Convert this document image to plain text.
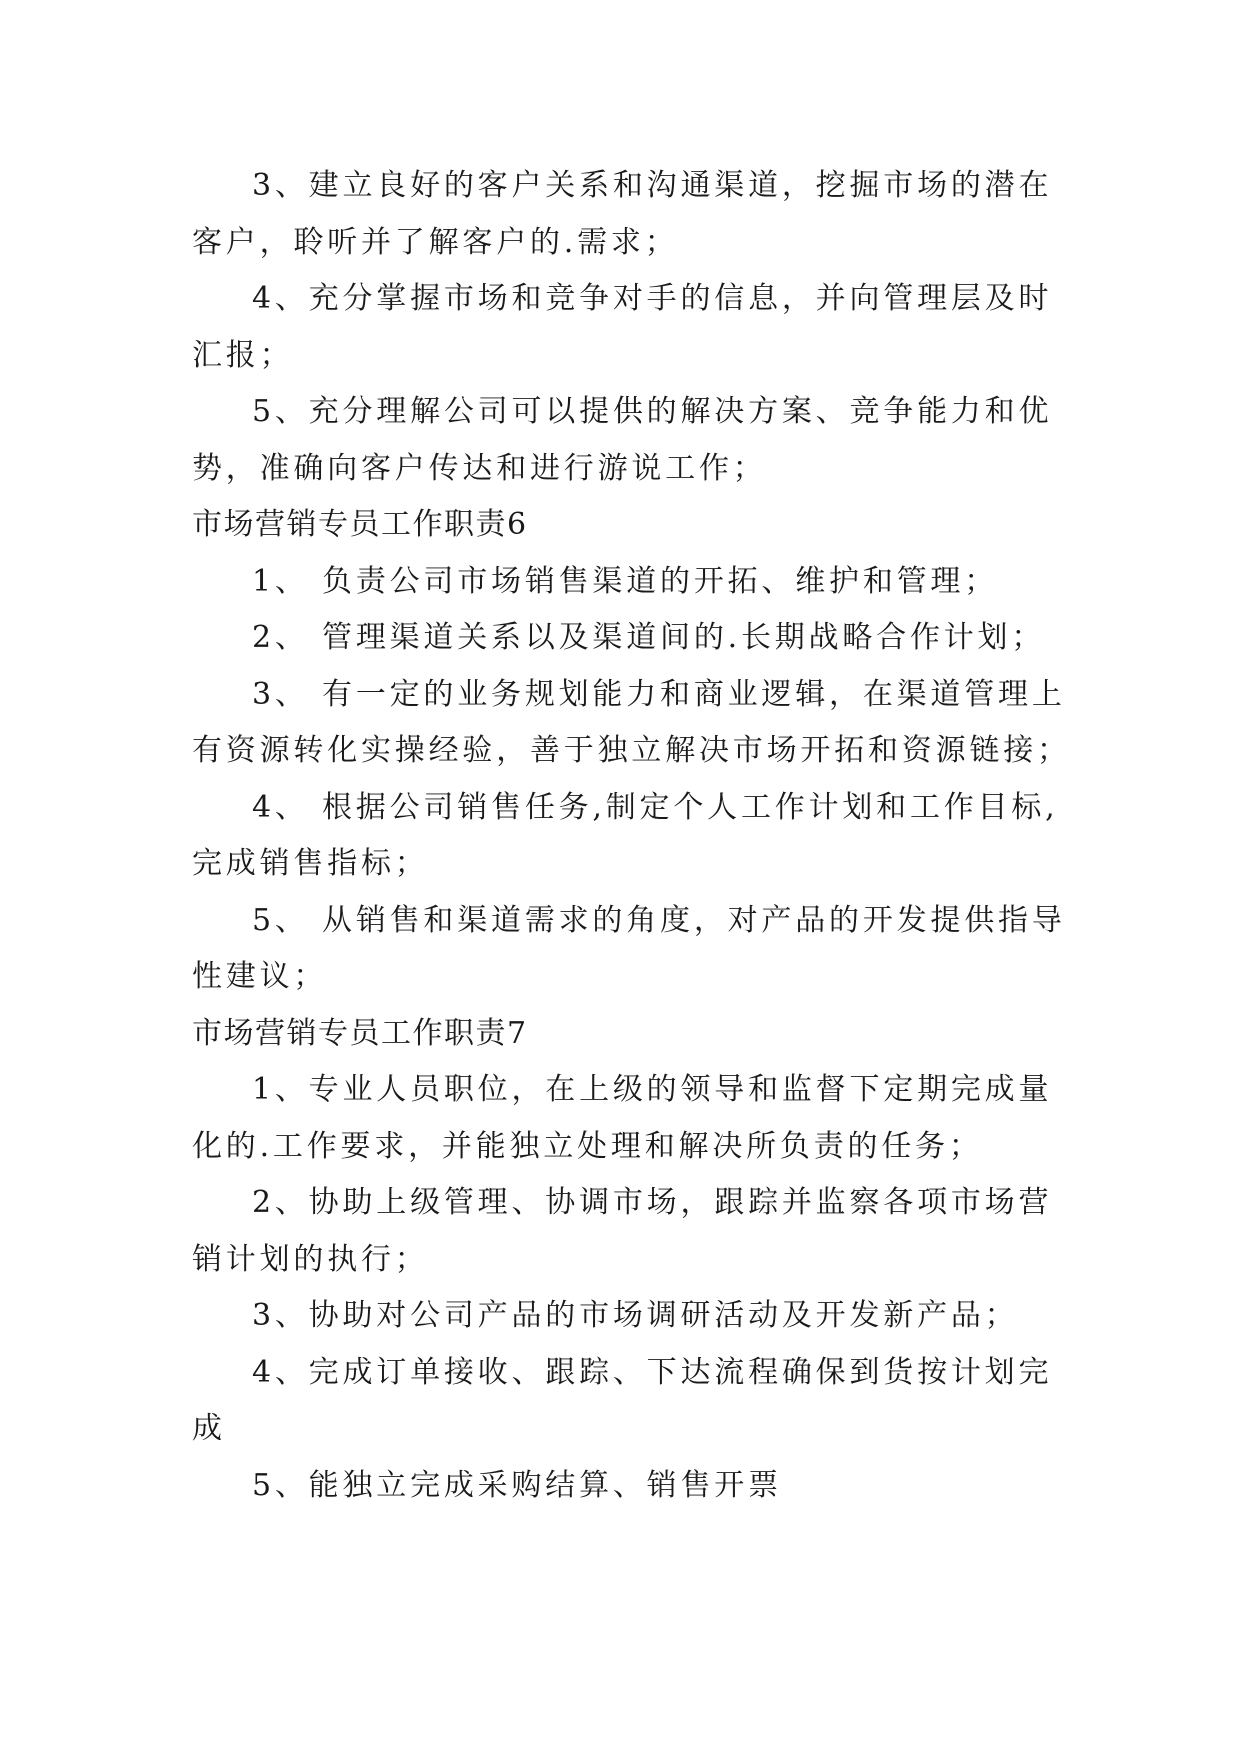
3、建立良好的客户关系和沟通渠道，挖掘市场的潜在
客户，聆听并了解客户的.需求；
4、充分掌握市场和竞争对手的信息，并向管理层及时
汇报；
5、充分理解公司可以提供的解决方案、竞争能力和优
势，准确向客户传达和进行游说工作；
市场营销专员工作职责6
1、 负责公司市场销售渠道的开拓、维护和管理；
2、 管理渠道关系以及渠道间的.长期战略合作计划；
3、 有一定的业务规划能力和商业逻辑，在渠道管理上
有资源转化实操经验，善于独立解决市场开拓和资源链接；
4、 根据公司销售任务,制定个人工作计划和工作目标,
完成销售指标；
5、 从销售和渠道需求的角度，对产品的开发提供指导
性建议；
市场营销专员工作职责7
1、专业人员职位，在上级的领导和监督下定期完成量
化的.工作要求，并能独立处理和解决所负责的任务；
2、协助上级管理、协调市场，跟踪并监察各项市场营
销计划的执行；
3、协助对公司产品的市场调研活动及开发新产品；
4、完成订单接收、跟踪、下达流程确保到货按计划完
成
5、能独立完成采购结算、销售开票
